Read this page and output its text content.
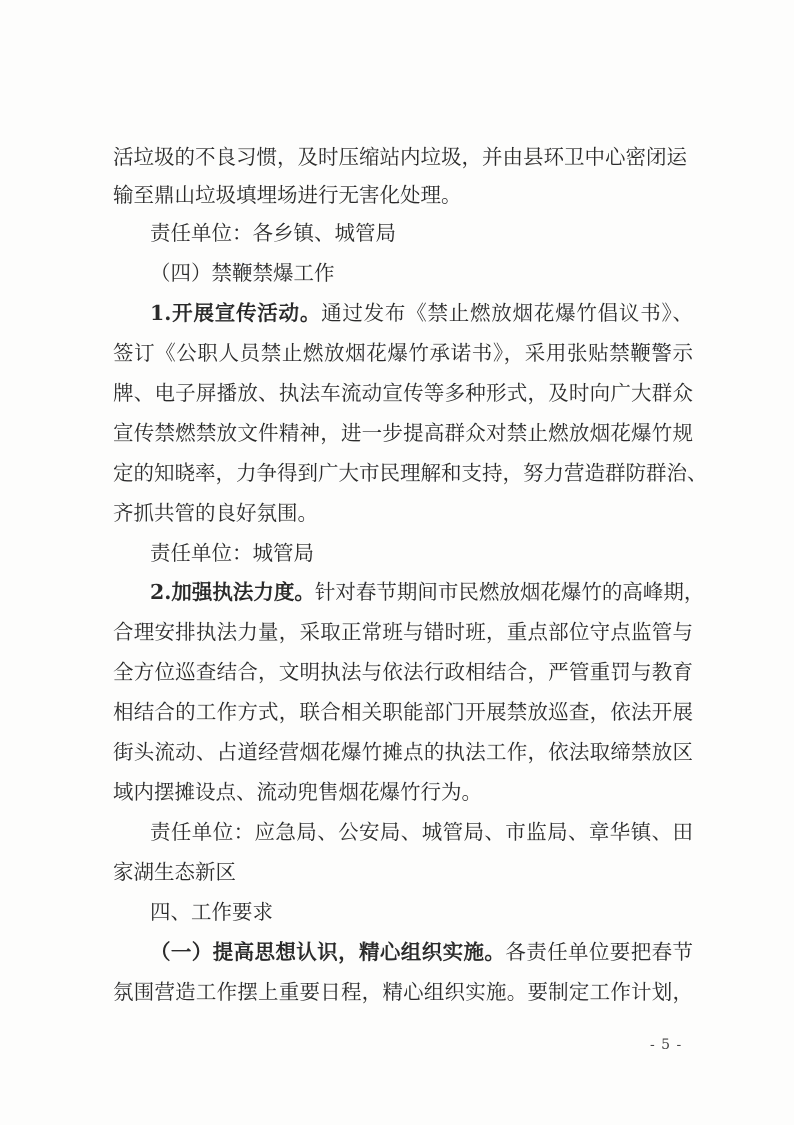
活垃圾的不良习惯，及时压缩站内垃圾，并由县环卫中心密闭运
输至鼎山垃圾填埋场进行无害化处理。
责任单位：各乡镇、城管局
（四）禁鞭禁爆工作
1.开展宣传活动。通过发布《禁止燃放烟花爆竹倡议书》、
签订《公职人员禁止燃放烟花爆竹承诺书》，采用张贴禁鞭警示
牌、电子屏播放、执法车流动宣传等多种形式，及时向广大群众
宣传禁燃禁放文件精神，进一步提高群众对禁止燃放烟花爆竹规
定的知晓率，力争得到广大市民理解和支持，努力营造群防群治、
齐抓共管的良好氛围。
责任单位：城管局
2.加强执法力度。针对春节期间市民燃放烟花爆竹的高峰期，
合理安排执法力量，采取正常班与错时班，重点部位守点监管与
全方位巡查结合，文明执法与依法行政相结合，严管重罚与教育
相结合的工作方式，联合相关职能部门开展禁放巡查，依法开展
街头流动、占道经营烟花爆竹摊点的执法工作，依法取缔禁放区
域内摆摊设点、流动兜售烟花爆竹行为。
责任单位：应急局、公安局、城管局、市监局、章华镇、田
家湖生态新区
四、工作要求
（一）提高思想认识，精心组织实施。各责任单位要把春节
氛围营造工作摆上重要日程，精心组织实施。要制定工作计划，
- 5 -
